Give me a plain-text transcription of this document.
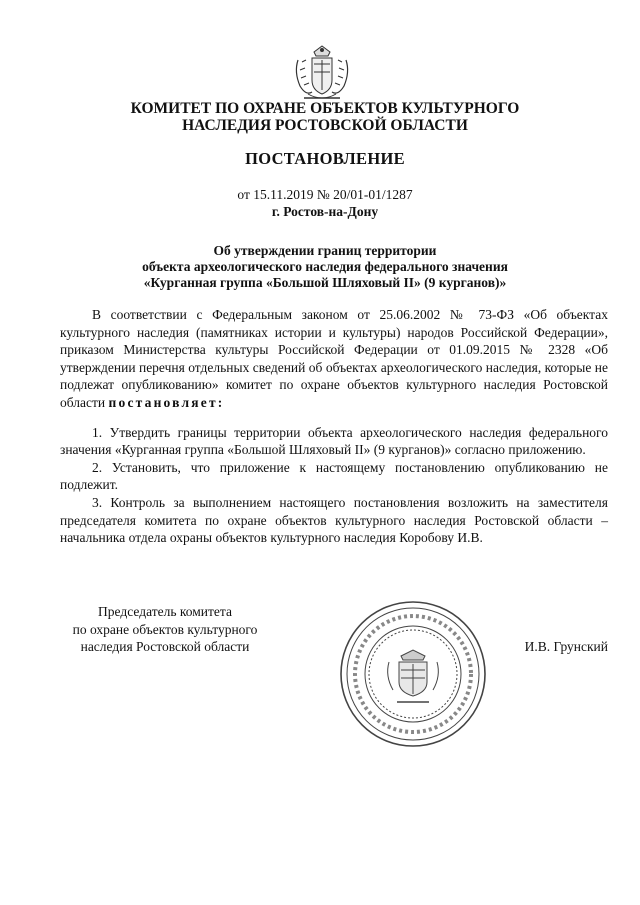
КОМИТЕТ ПО ОХРАНЕ ОБЪЕКТОВ КУЛЬТУРНОГО
НАСЛЕДИЯ РОСТОВСКОЙ ОБЛАСТИ
ПОСТАНОВЛЕНИЕ
от 15.11.2019 № 20/01-01/1287
г. Ростов-на-Дону
Об утверждении границ территории
объекта археологического наследия федерального значения
«Курганная группа «Большой Шляховый II» (9 курганов)»

В соответствии с Федеральным законом от 25.06.2002 № 73-ФЗ «Об объектах культурного наследия (памятниках истории и культуры) народов Российской Федерации», приказом Министерства культуры Российской Федерации от 01.09.2015 № 2328 «Об утверждении перечня отдельных сведений об объектах археологического наследия, которые не подлежат опубликованию» комитет по охране объектов культурного наследия Ростовской области постановляет:

1. Утвердить границы территории объекта археологического наследия федерального значения «Курганная группа «Большой Шляховый II» (9 курганов)» согласно приложению.

2. Установить, что приложение к настоящему постановлению опубликованию не подлежит.

3. Контроль за выполнением настоящего постановления возложить на заместителя председателя комитета по охране объектов культурного наследия Ростовской области – начальника отдела охраны объектов культурного наследия Коробову И.В.

Председатель комитета
по охране объектов культурного
наследия Ростовской области	И.В. Грунский
